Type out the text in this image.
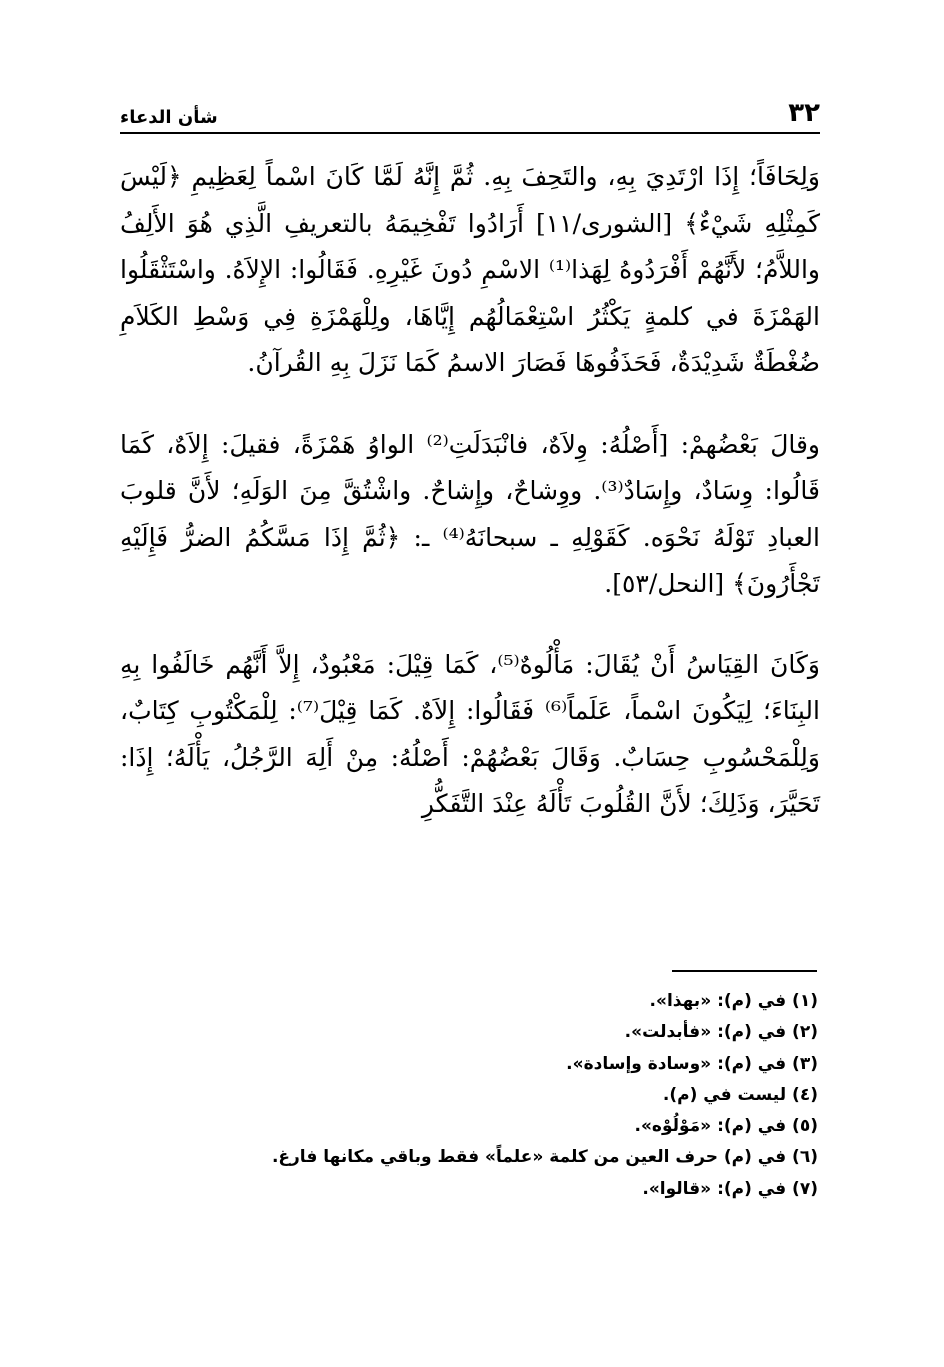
٣٢
شأن الدعاء

وَلِحَافَاً؛ إِذَا ارْتَدِيَ بِهِ، والتَحِفَ بِهِ. ثُمَّ إِنَّهُ لَمَّا كَانَ اسْماً لِعَظِيمِ ﴿لَيْسَ كَمِثْلِهِ شَيْءٌ﴾ [الشورى/١١] أَرَادُوا تَفْخِيمَهُ بالتعريفِ الَّذِي هُوَ الأَلِفُ واللاَّمُ؛ لأَنَّهُمْ أَفْرَدُوهُ لِهَذا⁽¹⁾ الاسْمِ دُونَ غَيْرِهِ. فَقَالُوا: الإِلاَهُ. واسْتَثْقَلُوا الهَمْزَةَ في كلمةٍ يَكْثُرُ اسْتِعْمَالُهُم إِيَّاهَا، ولِلْهَمْزَةِ فِي وَسْطِ الكَلاَمِ ضُغْطَةٌ شَدِيْدَةٌ، فَحَذَفُوهَا فَصَارَ الاسمُ كَمَا نَزَلَ بِهِ القُرآنُ.

وقالَ بَعْضُهمْ: [أَصْلُهُ: وِلاَهٌ، فانْبَدَلَتِ⁽²⁾ الواوُ هَمْزَةً، فقيلَ: إِلاَهٌ، كَمَا قَالُوا: وِسَادٌ، وإِسَادٌ⁽³⁾. ووِشاحٌ، وإِشاحٌ. واشْتُقَّ مِنَ الوَلَهِ؛ لأَنَّ قلوبَ العبادِ تَوْلَهُ نَحْوَه. كَقَوْلِهِ ـ سبحانَهُ⁽⁴⁾ ـ: ﴿ثُمَّ إِذَا مَسَّكُمُ الضرُّ فَإِلَيْهِ تَجْأَرُونَ﴾ [النحل/٥٣].

وَكَانَ القِيَاسُ أَنْ يُقَالَ: مَأْلُوهٌ⁽⁵⁾، كَمَا قِيْلَ: مَعْبُودٌ، إِلاَّ أَنَّهُم خَالَفُوا بِهِ البِنَاءَ؛ لِيَكُونَ اسْماً، عَلَماً⁽⁶⁾ فَقَالُوا: إِلاَهٌ. كَمَا قِيْلَ⁽⁷⁾: لِلْمَكْتُوبِ كِتَابٌ، وَلِلْمَحْسُوبِ حِسَابٌ. وَقَالَ بَعْضُهُمْ: أَصْلُهُ: مِنْ أَلِهَ الرَّجُلُ، يَأْلَهُ؛ إِذَا: تَحَيَّرَ، وَذَلِكَ؛ لأَنَّ القُلُوبَ تَأْلَهُ عِنْدَ التَّفَكُّرِ

(١) في (م): «بهذا».
(٢) في (م): «فأبدلت».
(٣) في (م): «وسادة وإسادة».
(٤) ليست في (م).
(٥) في (م): «مَوْلُوْه».
(٦) في (م) حرف العين من كلمة «علماً» فقط وباقي مكانها فارغ.
(٧) في (م): «قالوا».
